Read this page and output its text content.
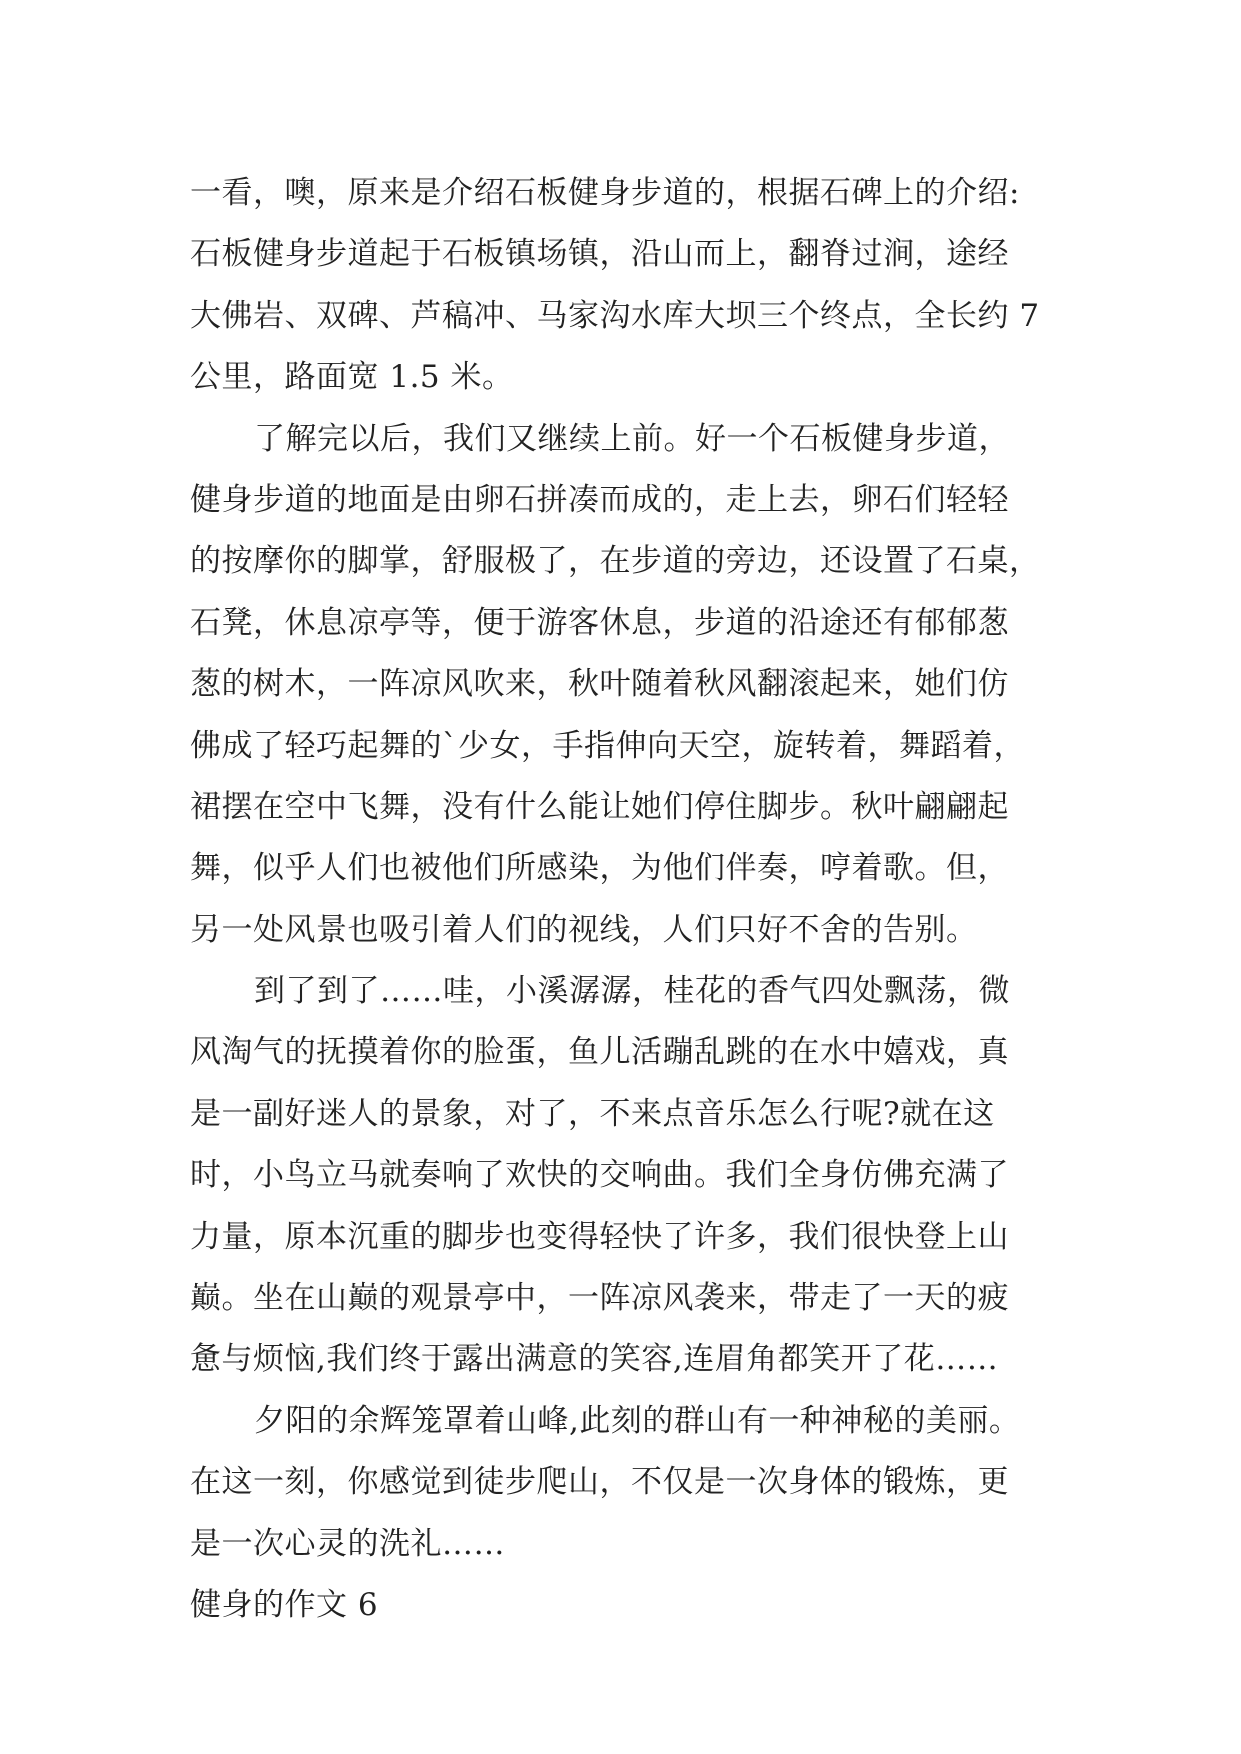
一看，噢，原来是介绍石板健身步道的，根据石碑上的介绍:
石板健身步道起于石板镇场镇，沿山而上，翻脊过涧，途经
大佛岩、双碑、芦稿冲、马家沟水库大坝三个终点，全长约 7
公里，路面宽 1.5 米。
了解完以后，我们又继续上前。好一个石板健身步道，
健身步道的地面是由卵石拼凑而成的，走上去，卵石们轻轻
的按摩你的脚掌，舒服极了，在步道的旁边，还设置了石桌，
石凳，休息凉亭等，便于游客休息，步道的沿途还有郁郁葱
葱的树木，一阵凉风吹来，秋叶随着秋风翻滚起来，她们仿
佛成了轻巧起舞的`少女，手指伸向天空，旋转着，舞蹈着，
裙摆在空中飞舞，没有什么能让她们停住脚步。秋叶翩翩起
舞，似乎人们也被他们所感染，为他们伴奏，哼着歌。但，
另一处风景也吸引着人们的视线，人们只好不舍的告别。
到了到了……哇，小溪潺潺，桂花的香气四处飘荡，微
风淘气的抚摸着你的脸蛋，鱼儿活蹦乱跳的在水中嬉戏，真
是一副好迷人的景象，对了，不来点音乐怎么行呢?就在这
时，小鸟立马就奏响了欢快的交响曲。我们全身仿佛充满了
力量，原本沉重的脚步也变得轻快了许多，我们很快登上山
巅。坐在山巅的观景亭中，一阵凉风袭来，带走了一天的疲
惫与烦恼,我们终于露出满意的笑容,连眉角都笑开了花……
夕阳的余辉笼罩着山峰,此刻的群山有一种神秘的美丽。
在这一刻，你感觉到徒步爬山，不仅是一次身体的锻炼，更
是一次心灵的洗礼……
健身的作文 6
